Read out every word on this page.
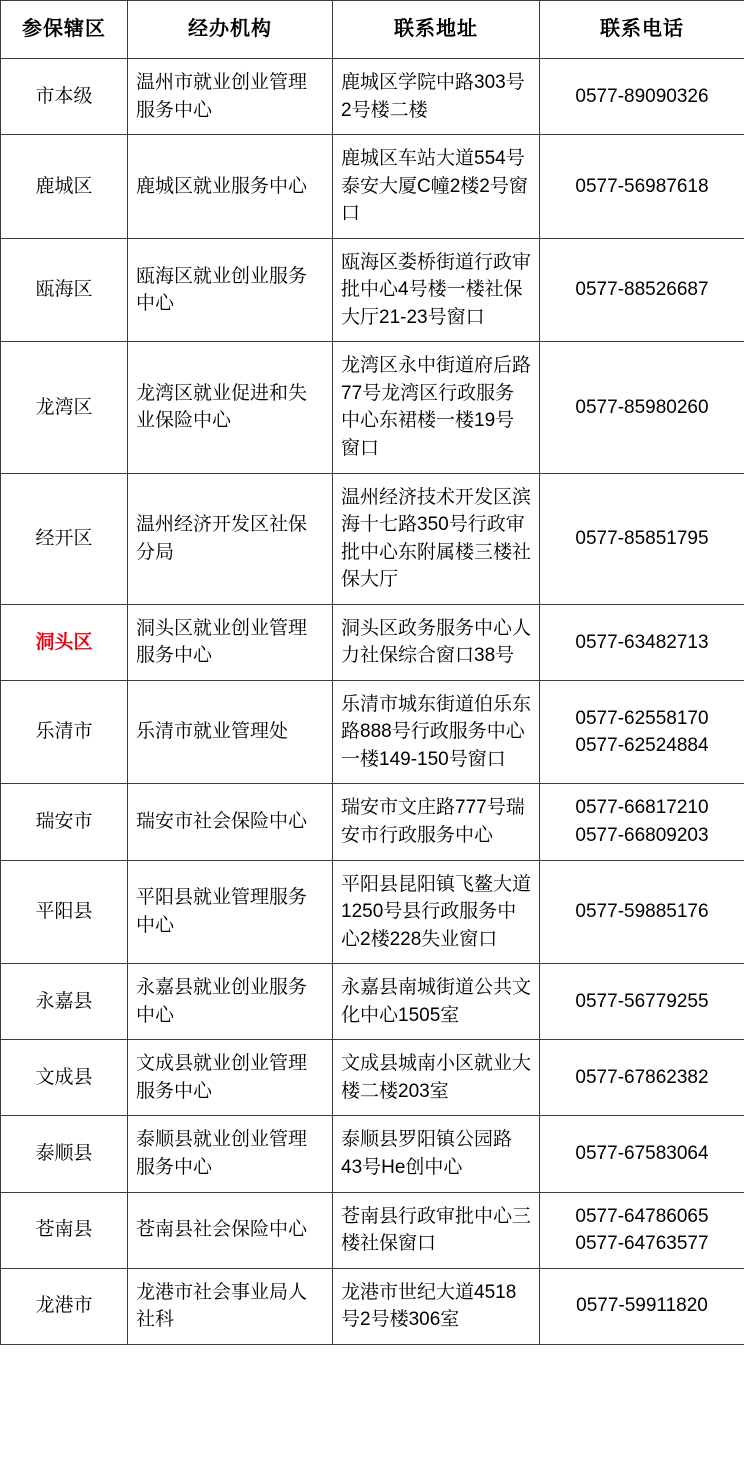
参保辖区	经办机构	联系地址	联系电话
市本级	温州市就业创业管理服务中心	鹿城区学院中路303号2号楼二楼	0577-89090326

鹿城区	鹿城区就业服务中心	鹿城区车站大道554号泰安大厦C幢2楼2号窗口	0577-56987618

瓯海区	瓯海区就业创业服务中心	瓯海区娄桥街道行政审批中心4号楼一楼社保大厅21-23号窗口	0577-88526687

龙湾区	龙湾区就业促进和失业保险中心	龙湾区永中街道府后路77号龙湾区行政服务中心东裙楼一楼19号窗口	0577-85980260

经开区	温州经济开发区社保分局	温州经济技术开发区滨海十七路350号行政审批中心东附属楼三楼社保大厅	0577-85851795

洞头区	洞头区就业创业管理服务中心	洞头区政务服务中心人力社保综合窗口38号	0577-63482713

乐清市	乐清市就业管理处	乐清市城东街道伯乐东路888号行政服务中心一楼149-150号窗口	0577-62558170
0577-62524884

瑞安市	瑞安市社会保险中心	瑞安市文庄路777号瑞安市行政服务中心	0577-66817210
0577-66809203

平阳县	平阳县就业管理服务中心	平阳县昆阳镇飞鳌大道1250号县行政服务中心2楼228失业窗口	0577-59885176

永嘉县	永嘉县就业创业服务中心	永嘉县南城街道公共文化中心1505室	0577-56779255

文成县	文成县就业创业管理服务中心	文成县城南小区就业大楼二楼203室	0577-67862382

泰顺县	泰顺县就业创业管理服务中心	泰顺县罗阳镇公园路43号He创中心	0577-67583064

苍南县	苍南县社会保险中心	苍南县行政审批中心三楼社保窗口	0577-64786065
0577-64763577

龙港市	龙港市社会事业局人社科	龙港市世纪大道4518号2号楼306室	0577-59911820
